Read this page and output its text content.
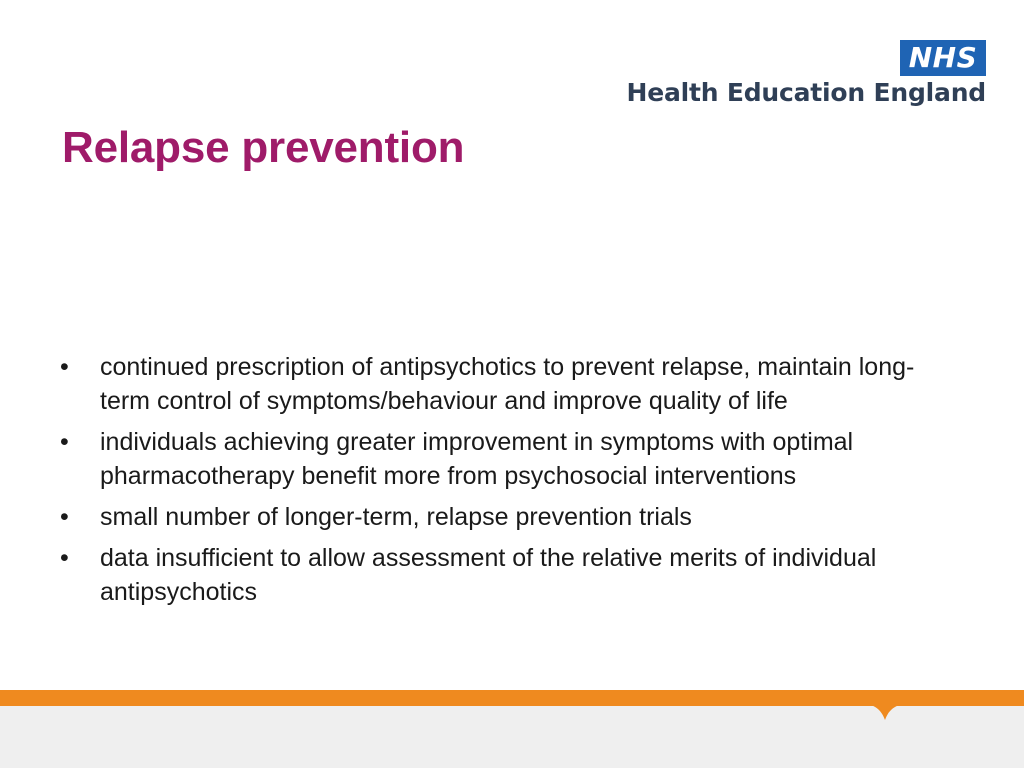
NHS
Health Education England
Relapse prevention
• continued prescription of antipsychotics to prevent relapse, maintain long-term control of symptoms/behaviour and improve quality of life
• individuals achieving greater improvement in symptoms with optimal pharmacotherapy benefit more from psychosocial interventions
• small number of longer-term, relapse prevention trials
• data insufficient to allow assessment of the relative merits of individual antipsychotics
